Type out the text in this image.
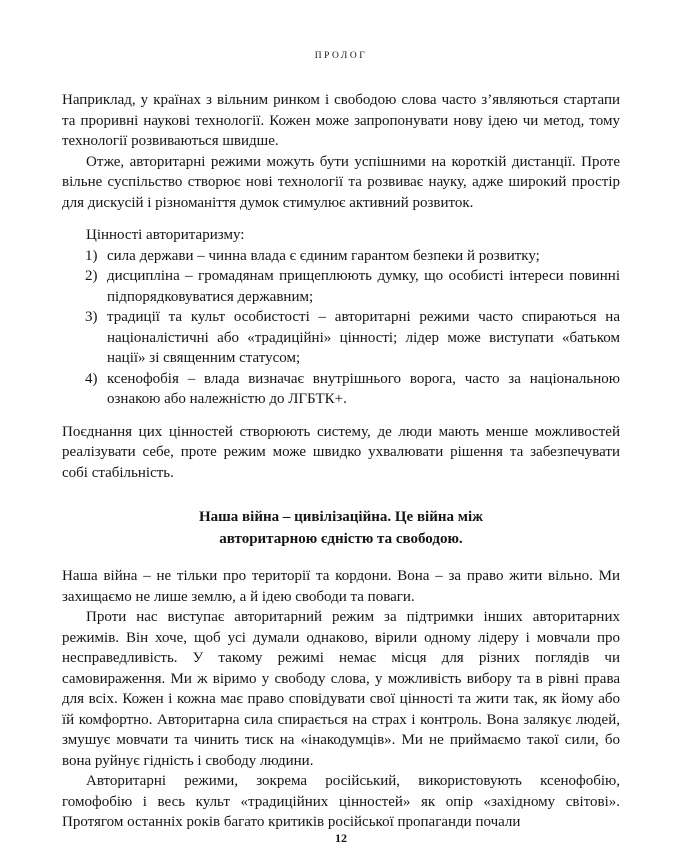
ПРОЛОГ

Наприклад, у країнах з вільним ринком і свободою слова часто з’являються стартапи та проривні наукові технології. Кожен може запропонувати нову ідею чи метод, тому технології розвиваються швидше.

Отже, авторитарні режими можуть бути успішними на короткій дистанції. Проте вільне суспільство створює нові технології та розвиває науку, адже широкий простір для дискусій і різноманіття думок стимулює активний розвиток.

Цінності авторитаризму:

1) сила держави – чинна влада є єдиним гарантом безпеки й розвитку;
2) дисципліна – громадянам прищеплюють думку, що особисті інтереси повинні підпорядковуватися державним;
3) традиції та культ особистості – авторитарні режими часто спираються на націоналістичні або «традиційні» цінності; лідер може виступати «батьком нації» зі священним статусом;
4) ксенофобія – влада визначає внутрішнього ворога, часто за національною ознакою або належністю до ЛГБТК+.

Поєднання цих цінностей створюють систему, де люди мають менше можливостей реалізувати себе, проте режим може швидко ухвалювати рішення та забезпечувати собі стабільність.

Наша війна – цивілізаційна. Це війна між
авторитарною єдністю та свободою.

Наша війна – не тільки про території та кордони. Вона – за право жити вільно. Ми захищаємо не лише землю, а й ідею свободи та поваги.

Проти нас виступає авторитарний режим за підтримки інших авторитарних режимів. Він хоче, щоб усі думали однаково, вірили одному лідеру і мовчали про несправедливість. У такому режимі немає місця для різних поглядів чи самовираження. Ми ж віримо у свободу слова, у можливість вибору та в рівні права для всіх. Кожен і кожна має право сповідувати свої цінності та жити так, як йому або їй комфортно. Авторитарна сила спирається на страх і контроль. Вона залякує людей, змушує мовчати та чинить тиск на «інакодумців». Ми не приймаємо такої сили, бо вона руйнує гідність і свободу людини.

Авторитарні режими, зокрема російський, використовують ксенофобію, гомофобію і весь культ «традиційних цінностей» як опір «західному світові». Протягом останніх років багато критиків російської пропаганди почали

12
